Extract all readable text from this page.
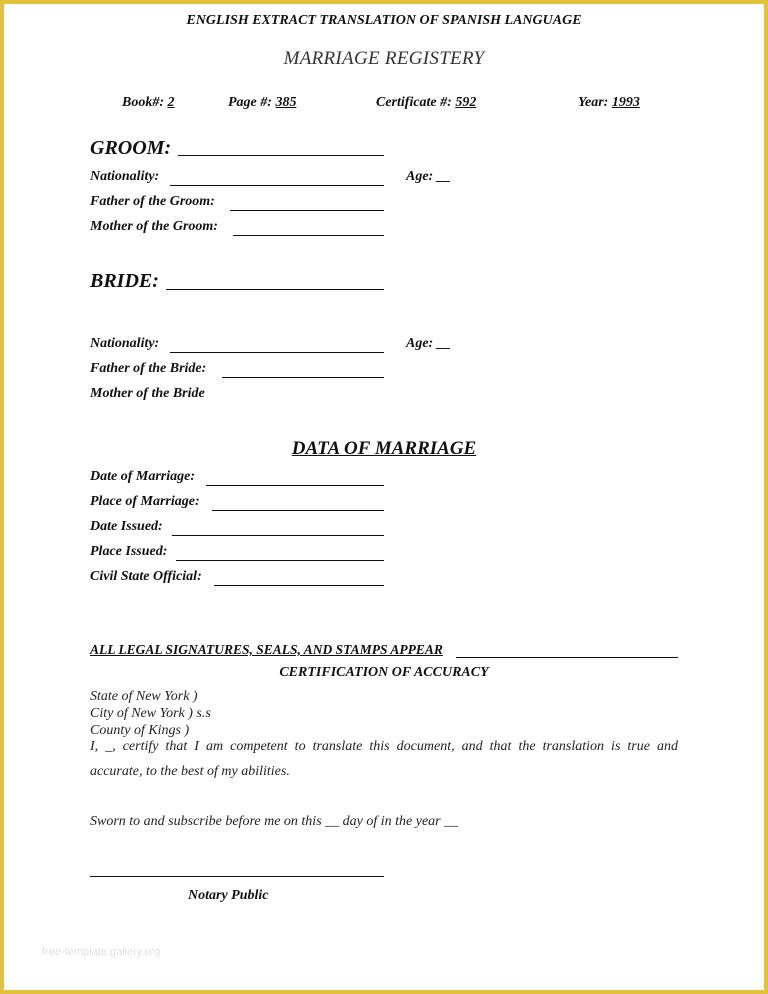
ENGLISH EXTRACT TRANSLATION OF SPANISH LANGUAGE
MARRIAGE REGISTERY
Book#: 2	Page #: 385	Certificate #: 592	Year: 1993
GROOM:
Nationality:	Age: __
Father of the Groom:
Mother of the Groom:
BRIDE:
Nationality:	Age: __
Father of the Bride:
Mother of the Bride
DATA OF MARRIAGE
Date of Marriage:
Place of Marriage:
Date Issued:
Place Issued:
Civil State Official:
ALL LEGAL SIGNATURES, SEALS, AND STAMPS APPEAR
CERTIFICATION OF ACCURACY
State of New York )
City of New York ) s.s
County of Kings )
I, _, certify that I am competent to translate this document, and that the translation is true and
accurate, to the best of my abilities.
Sworn to and subscribe before me on this __ day of in the year __
Notary Public
free-template.gallery.org
